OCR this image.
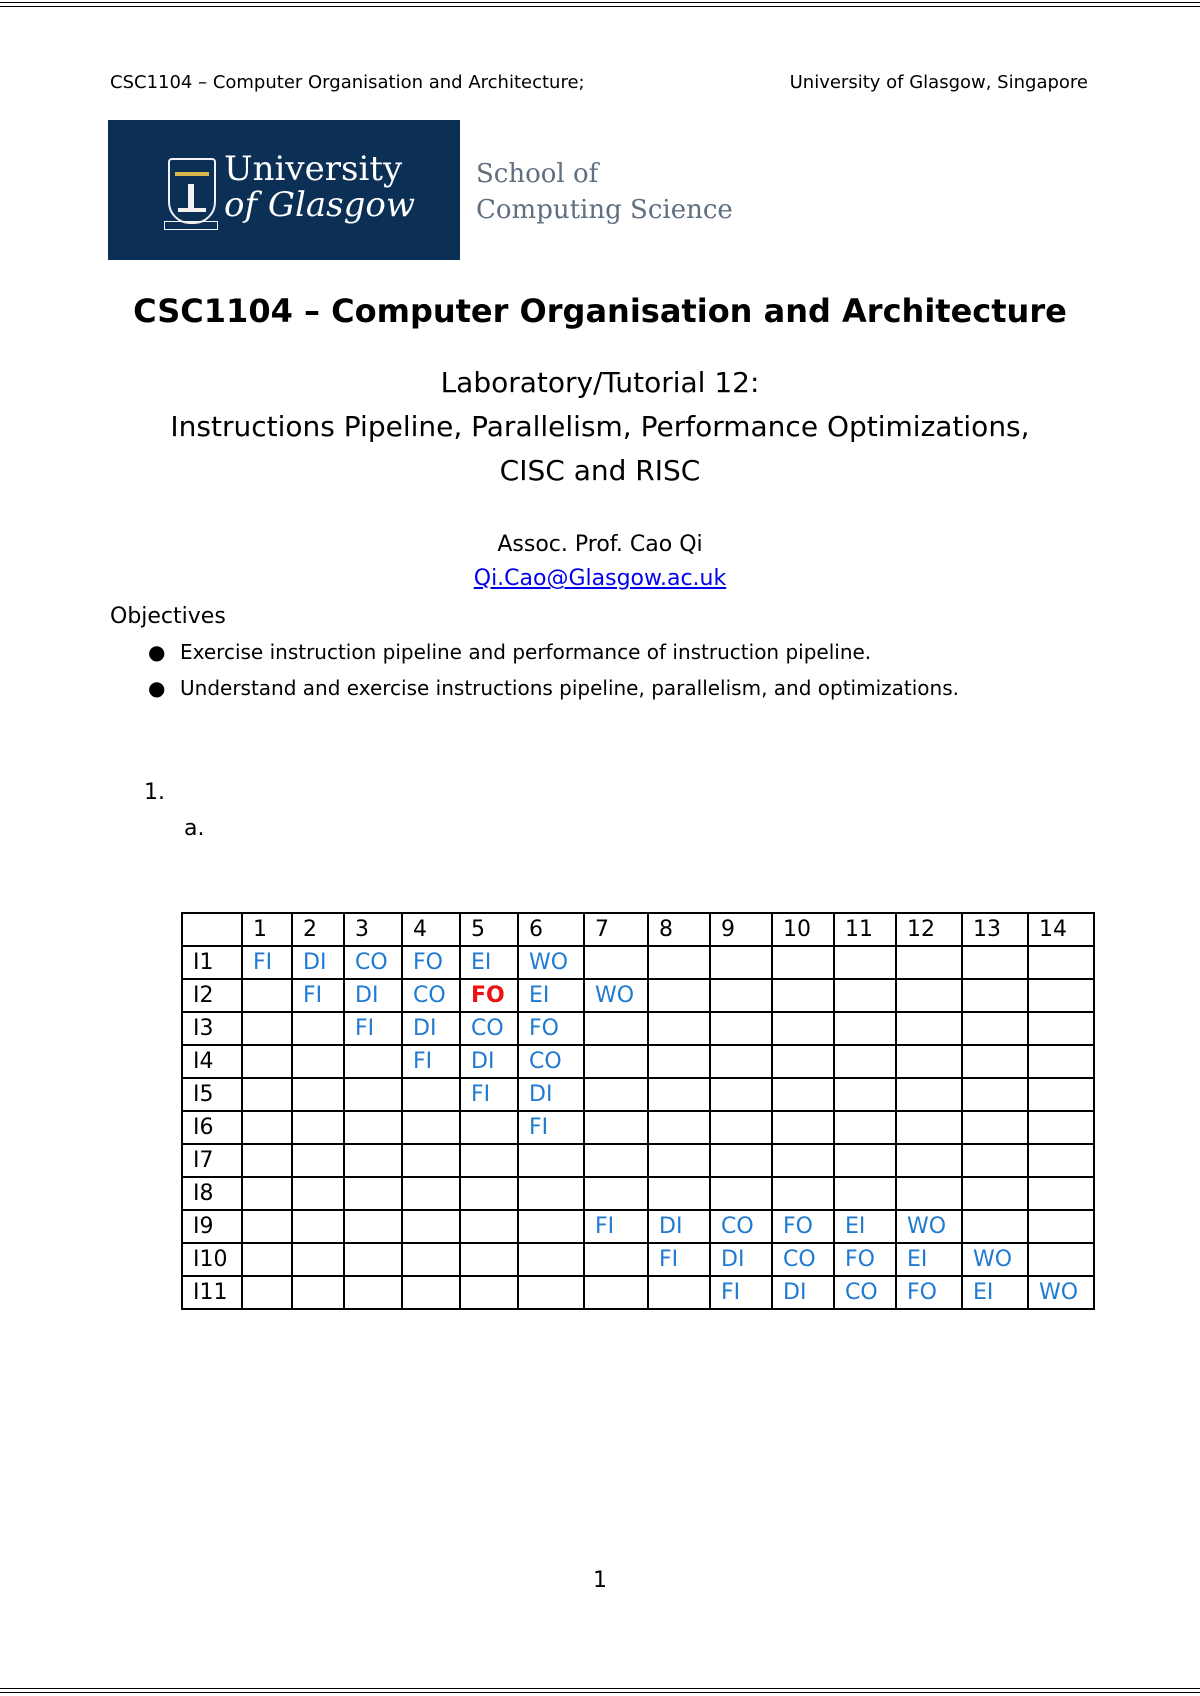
CSC1104 – Computer Organisation and Architecture;	University of Glasgow, Singapore
University
of Glasgow
School of
Computing Science
CSC1104 – Computer Organisation and Architecture
Laboratory/Tutorial 12:
Instructions Pipeline, Parallelism, Performance Optimizations,
CISC and RISC
Assoc. Prof. Cao Qi
Qi.Cao@Glasgow.ac.uk
Objectives
● Exercise instruction pipeline and performance of instruction pipeline.
● Understand and exercise instructions pipeline, parallelism, and optimizations.
1.
a.
	1	2	3	4	5	6	7	8	9	10	11	12	13	14
I1	FI	DI	CO	FO	EI	WO								
I2		FI	DI	CO	FO	EI	WO							
I3			FI	DI	CO	FO								
I4				FI	DI	CO								
I5					FI	DI								
I6						FI								
I7														
I8														
I9							FI	DI	CO	FO	EI	WO		
I10								FI	DI	CO	FO	EI	WO	
I11									FI	DI	CO	FO	EI	WO
1
